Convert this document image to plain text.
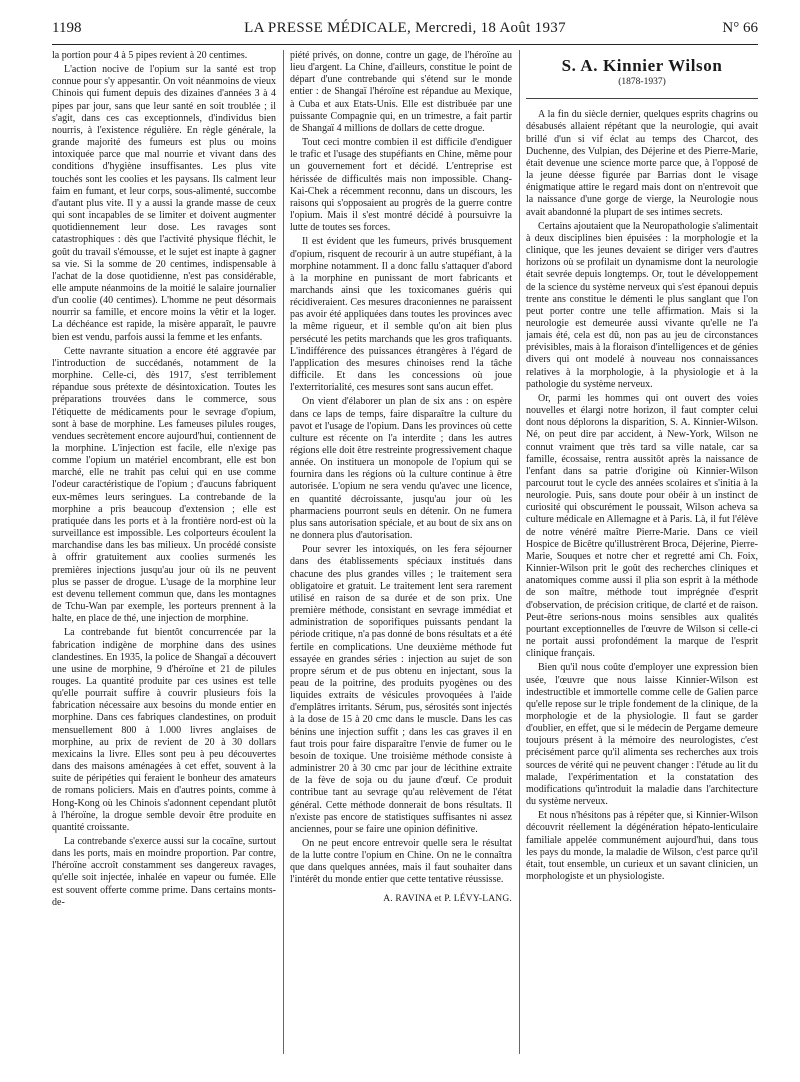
1198	LA PRESSE MÉDICALE, Mercredi, 18 Août 1937	N° 66

la portion pour 4 à 5 pipes revient à 20 centimes.

L'action nocive de l'opium sur la santé est trop connue pour s'y appesantir. On voit néanmoins de vieux Chinois qui fument depuis des dizaines d'années 3 à 4 pipes par jour, sans que leur santé en soit troublée ; il s'agit, dans ces cas exceptionnels, d'individus bien nourris, à l'existence régulière. En règle générale, la grande majorité des fumeurs est plus ou moins intoxiquée parce que mal nourrie et vivant dans des conditions d'hygiène insuffisantes. Les plus vite touchés sont les coolies et les paysans. Ils calment leur faim en fumant, et leur corps, sous-alimenté, succombe d'autant plus vite. Il y a aussi la grande masse de ceux qui sont incapables de se limiter et doivent augmenter quotidiennement leur dose. Les ravages sont catastrophiques : dès que l'activité physique fléchit, le goût du travail s'émousse, et le sujet est inapte à gagner sa vie. Si la somme de 20 centimes, indispensable à l'achat de la dose quotidienne, n'est pas considérable, elle ampute néanmoins de la moitié le salaire journalier d'un coolie (40 centimes). L'homme ne peut désormais nourrir sa famille, et encore moins la vêtir et la loger. La déchéance est rapide, la misère apparaît, le pauvre bien est vendu, parfois aussi la femme et les enfants.

Cette navrante situation a encore été aggravée par l'introduction de succédanés, notamment de la morphine. Celle-ci, dès 1917, s'est terriblement répandue sous prétexte de désintoxication. Toutes les préparations trouvées dans le commerce, sous l'étiquette de médicaments pour le sevrage d'opium, sont à base de morphine. Les fameuses pilules rouges, vendues secrètement encore aujourd'hui, contiennent de la morphine. L'injection est facile, elle n'exige pas comme l'opium un matériel encombrant, elle est bon marché, elle ne trahit pas celui qui en use comme l'odeur caractéristique de l'opium ; d'aucuns fabriquent eux-mêmes leurs seringues. La contrebande de la morphine a pris beaucoup d'extension ; elle est pratiquée dans les ports et à la frontière nord-est où la surveillance est impossible. Les colporteurs écoulent la marchandise dans les bas milieux. Un procédé consiste à offrir gratuitement aux coolies surmenés les premières injections jusqu'au jour où ils ne peuvent plus se passer de drogue. L'usage de la morphine leur est devenu tellement commun que, dans les montagnes de Tchu-Wan par exemple, les porteurs prennent à la halte, en place de thé, une injection de morphine.

La contrebande fut bientôt concurrencée par la fabrication indigène de morphine dans des usines clandestines. En 1935, la police de Shangaï a découvert une usine de morphine, 9 d'héroïne et 21 de pilules rouges. La quantité produite par ces usines est telle qu'elle pourrait suffire à couvrir plusieurs fois la fabrication nécessaire aux besoins du monde entier en morphine. Dans ces fabriques clandestines, on produit mensuellement 800 à 1.000 livres anglaises de morphine, au prix de revient de 20 à 30 dollars mexicains la livre. Elles sont peu à peu découvertes dans des maisons aménagées à cet effet, souvent à la suite de péripéties qui feraient le bonheur des amateurs de romans policiers. Mais en d'autres points, comme à Hong-Kong où les Chinois s'adonnent cependant plutôt à l'héroïne, la drogue semble devoir être produite en quantité croissante.

La contrebande s'exerce aussi sur la cocaïne, surtout dans les ports, mais en moindre proportion. Par contre, l'héroïne accroît constamment ses dangereux ravages, qu'elle soit injectée, inhalée en vapeur ou fumée. Elle est souvent offerte comme prime. Dans certains monts-de-

piété privés, on donne, contre un gage, de l'héroïne au lieu d'argent. La Chine, d'ailleurs, constitue le point de départ d'une contrebande qui s'étend sur le monde entier : de Shangaï l'héroïne est répandue au Mexique, à Cuba et aux Etats-Unis. Elle est distribuée par une puissante Compagnie qui, en un trimestre, a fait partir de Shangaï 4 millions de dollars de cette drogue.

Tout ceci montre combien il est difficile d'endiguer le trafic et l'usage des stupéfiants en Chine, même pour un gouvernement fort et décidé. L'entreprise est hérissée de difficultés mais non impossible. Chang-Kai-Chek a récemment reconnu, dans un discours, les raisons qui s'opposaient au progrès de la guerre contre l'opium. Mais il s'est montré décidé à poursuivre la lutte de toutes ses forces.

Il est évident que les fumeurs, privés brusquement d'opium, risquent de recourir à un autre stupéfiant, à la morphine notamment. Il a donc fallu s'attaquer d'abord à la morphine en punissant de mort fabricants et marchands ainsi que les toxicomanes guéris qui récidiveraient. Ces mesures draconiennes ne paraissent pas avoir été appliquées dans toutes les provinces avec la même rigueur, et il semble qu'on ait bien plus persécuté les petits marchands que les gros trafiquants. L'indifférence des puissances étrangères à l'égard de l'application des mesures chinoises rend la tâche difficile. Et dans les concessions où joue l'exterritorialité, ces mesures sont sans aucun effet.

On vient d'élaborer un plan de six ans : on espère dans ce laps de temps, faire disparaître la culture du pavot et l'usage de l'opium. Dans les provinces où cette culture est récente on l'a interdite ; dans les autres régions elle doit être restreinte progressivement chaque année. On instituera un monopole de l'opium qui se fournira dans les régions où la culture continue à être autorisée. L'opium ne sera vendu qu'avec une licence, en quantité décroissante, jusqu'au jour où les pharmaciens pourront seuls en détenir. On ne fumera plus sans autorisation spéciale, et au bout de six ans on ne donnera plus d'autorisation.

Pour sevrer les intoxiqués, on les fera séjourner dans des établissements spéciaux institués dans chacune des plus grandes villes ; le traitement sera obligatoire et gratuit. Le traitement lent sera rarement utilisé en raison de sa durée et de son prix. Une première méthode, consistant en sevrage immédiat et administration de soporifiques puissants pendant la période critique, n'a pas donné de bons résultats et a été fertile en complications. Une deuxième méthode fut essayée en grandes séries : injection au sujet de son propre sérum et de pus obtenu en injectant, sous la peau de la poitrine, des produits pyogènes ou des liquides extraits de vésicules provoquées à l'aide d'emplâtres irritants. Sérum, pus, sérosités sont injectés à la dose de 15 à 20 cmc dans le muscle. Dans les cas bénins une injection suffit ; dans les cas graves il en faut trois pour faire disparaître l'envie de fumer ou le besoin de toxique. Une troisième méthode consiste à administrer 20 à 30 cmc par jour de lécithine extraite de la fève de soja ou du jaune d'œuf. Ce produit contribue tant au sevrage qu'au relèvement de l'état général. Cette méthode donnerait de bons résultats. Il n'existe pas encore de statistiques suffisantes ni assez anciennes, pour se faire une opinion définitive.

On ne peut encore entrevoir quelle sera le résultat de la lutte contre l'opium en Chine. On ne le connaîtra que dans quelques années, mais il faut souhaiter dans l'intérêt du monde entier que cette tentative réussisse.

A. RAVINA et P. LÉVY-LANG.
S. A. Kinnier Wilson
(1878-1937)

A la fin du siècle dernier, quelques esprits chagrins ou désabusés allaient répétant que la neurologie, qui avait brillé d'un si vif éclat au temps des Charcot, des Duchenne, des Vulpian, des Déjerine et des Pierre-Marie, était devenue une science morte parce que, à l'opposé de la jeune déesse figurée par Barrias dont le visage énigmatique attire le regard mais dont on n'entrevoit que la naissance d'une gorge de vierge, la Neurologie nous avait abandonné la plupart de ses intimes secrets.

Certains ajoutaient que la Neuropathologie s'alimentait à deux disciplines bien épuisées : la morphologie et la clinique, que les jeunes devaient se diriger vers d'autres horizons où se profilait un dynamisme dont la neurologie était sevrée depuis longtemps. Or, tout le développement de la science du système nerveux qui s'est épanoui depuis trente ans constitue le démenti le plus sanglant que l'on peut porter contre une telle affirmation. Mais si la neurologie est demeurée aussi vivante qu'elle ne l'a jamais été, cela est dû, non pas au jeu de circonstances prévisibles, mais à la floraison d'intelligences et de génies divers qui ont modelé à nouveau nos connaissances relatives à la morphologie, à la physiologie et à la pathologie du système nerveux.

Or, parmi les hommes qui ont ouvert des voies nouvelles et élargi notre horizon, il faut compter celui dont nous déplorons la disparition, S. A. Kinnier-Wilson. Né, on peut dire par accident, à New-York, Wilson ne connut vraiment que très tard sa ville natale, car sa famille, écossaise, rentra aussitôt après la naissance de l'enfant dans sa patrie d'origine où Kinnier-Wilson parcourut tout le cycle des années scolaires et s'initia à la neurologie. Puis, sans doute pour obéir à un instinct de curiosité qui obscurément le poussait, Wilson acheva sa culture médicale en Allemagne et à Paris. Là, il fut l'élève de notre vénéré maître Pierre-Marie. Dans ce vieil Hospice de Bicêtre qu'illustrèrent Broca, Déjerine, Pierre-Marie, Souques et notre cher et regretté ami Ch. Foix, Kinnier-Wilson prit le goût des recherches cliniques et anatomiques comme aussi il plia son esprit à la méthode de son maître, méthode tout imprégnée d'esprit d'observation, de précision critique, de clarté et de raison. Peut-être serions-nous moins sensibles aux qualités pourtant exceptionnelles de l'œuvre de Wilson si celle-ci ne portait aussi profondément la marque de l'esprit clinique français.

Bien qu'il nous coûte d'employer une expression bien usée, l'œuvre que nous laisse Kinnier-Wilson est indestructible et immortelle comme celle de Galien parce qu'elle repose sur le triple fondement de la clinique, de la morphologie et de la physiologie. Il faut se garder d'oublier, en effet, que si le médecin de Pergame demeure toujours présent à la mémoire des neurologistes, c'est précisément parce qu'il alimenta ses recherches aux trois sources de vérité qui ne peuvent changer : l'étude au lit du malade, l'expérimentation et la constatation des modifications qu'introduit la maladie dans l'architecture du système nerveux.

Et nous n'hésitons pas à répéter que, si Kinnier-Wilson découvrit réellement la dégénération hépato-lenticulaire familiale appelée communément aujourd'hui, dans tous les pays du monde, la maladie de Wilson, c'est parce qu'il était, tout ensemble, un curieux et un savant clinicien, un morphologiste et un physiologiste.
